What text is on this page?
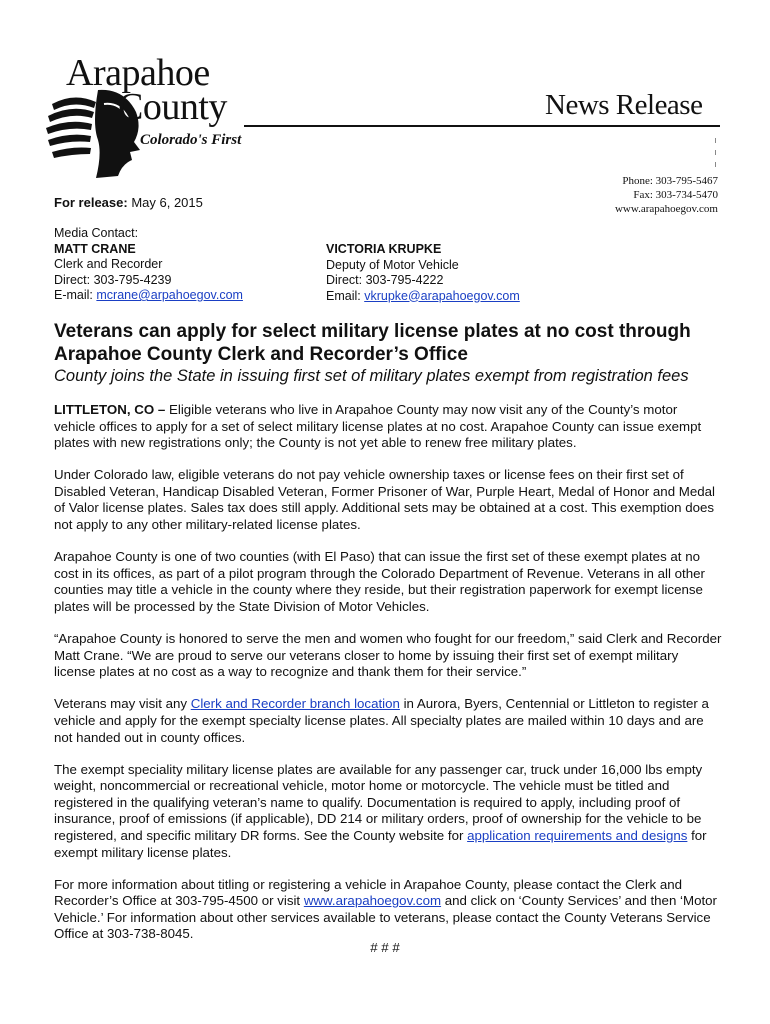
Arapahoe
County
Colorado's First
News Release
Phone: 303-795-5467
Fax: 303-734-5470
www.arapahoegov.com
For release: May 6, 2015
Media Contact:
MATT CRANE
Clerk and Recorder
Direct: 303-795-4239
E-mail: mcrane@arpahoegov.com
VICTORIA KRUPKE
Deputy of Motor Vehicle
Direct: 303-795-4222
Email: vkrupke@arapahoegov.com
Veterans can apply for select military license plates at no cost through Arapahoe County Clerk and Recorder’s Office
County joins the State in issuing first set of military plates exempt from registration fees

LITTLETON, CO – Eligible veterans who live in Arapahoe County may now visit any of the County’s motor vehicle offices to apply for a set of select military license plates at no cost. Arapahoe County can issue exempt plates with new registrations only; the County is not yet able to renew free military plates.

Under Colorado law, eligible veterans do not pay vehicle ownership taxes or license fees on their first set of Disabled Veteran, Handicap Disabled Veteran, Former Prisoner of War, Purple Heart, Medal of Honor and Medal of Valor license plates. Sales tax does still apply. Additional sets may be obtained at a cost. This exemption does not apply to any other military-related license plates.

Arapahoe County is one of two counties (with El Paso) that can issue the first set of these exempt plates at no cost in its offices, as part of a pilot program through the Colorado Department of Revenue. Veterans in all other counties may title a vehicle in the county where they reside, but their registration paperwork for exempt license plates will be processed by the State Division of Motor Vehicles.

“Arapahoe County is honored to serve the men and women who fought for our freedom,” said Clerk and Recorder Matt Crane. “We are proud to serve our veterans closer to home by issuing their first set of exempt military license plates at no cost as a way to recognize and thank them for their service.”

Veterans may visit any Clerk and Recorder branch location in Aurora, Byers, Centennial or Littleton to register a vehicle and apply for the exempt specialty license plates. All specialty plates are mailed within 10 days and are not handed out in county offices.

The exempt speciality military license plates are available for any passenger car, truck under 16,000 lbs empty weight, noncommercial or recreational vehicle, motor home or motorcycle. The vehicle must be titled and registered in the qualifying veteran’s name to qualify. Documentation is required to apply, including proof of insurance, proof of emissions (if applicable), DD 214 or military orders, proof of ownership for the vehicle to be registered, and specific military DR forms. See the County website for application requirements and designs for exempt military license plates.

For more information about titling or registering a vehicle in Arapahoe County, please contact the Clerk and Recorder’s Office at 303-795-4500 or visit www.arapahoegov.com and click on ‘County Services’ and then ‘Motor Vehicle.’ For information about other services available to veterans, please contact the County Veterans Service Office at 303-738-8045.

# # #
